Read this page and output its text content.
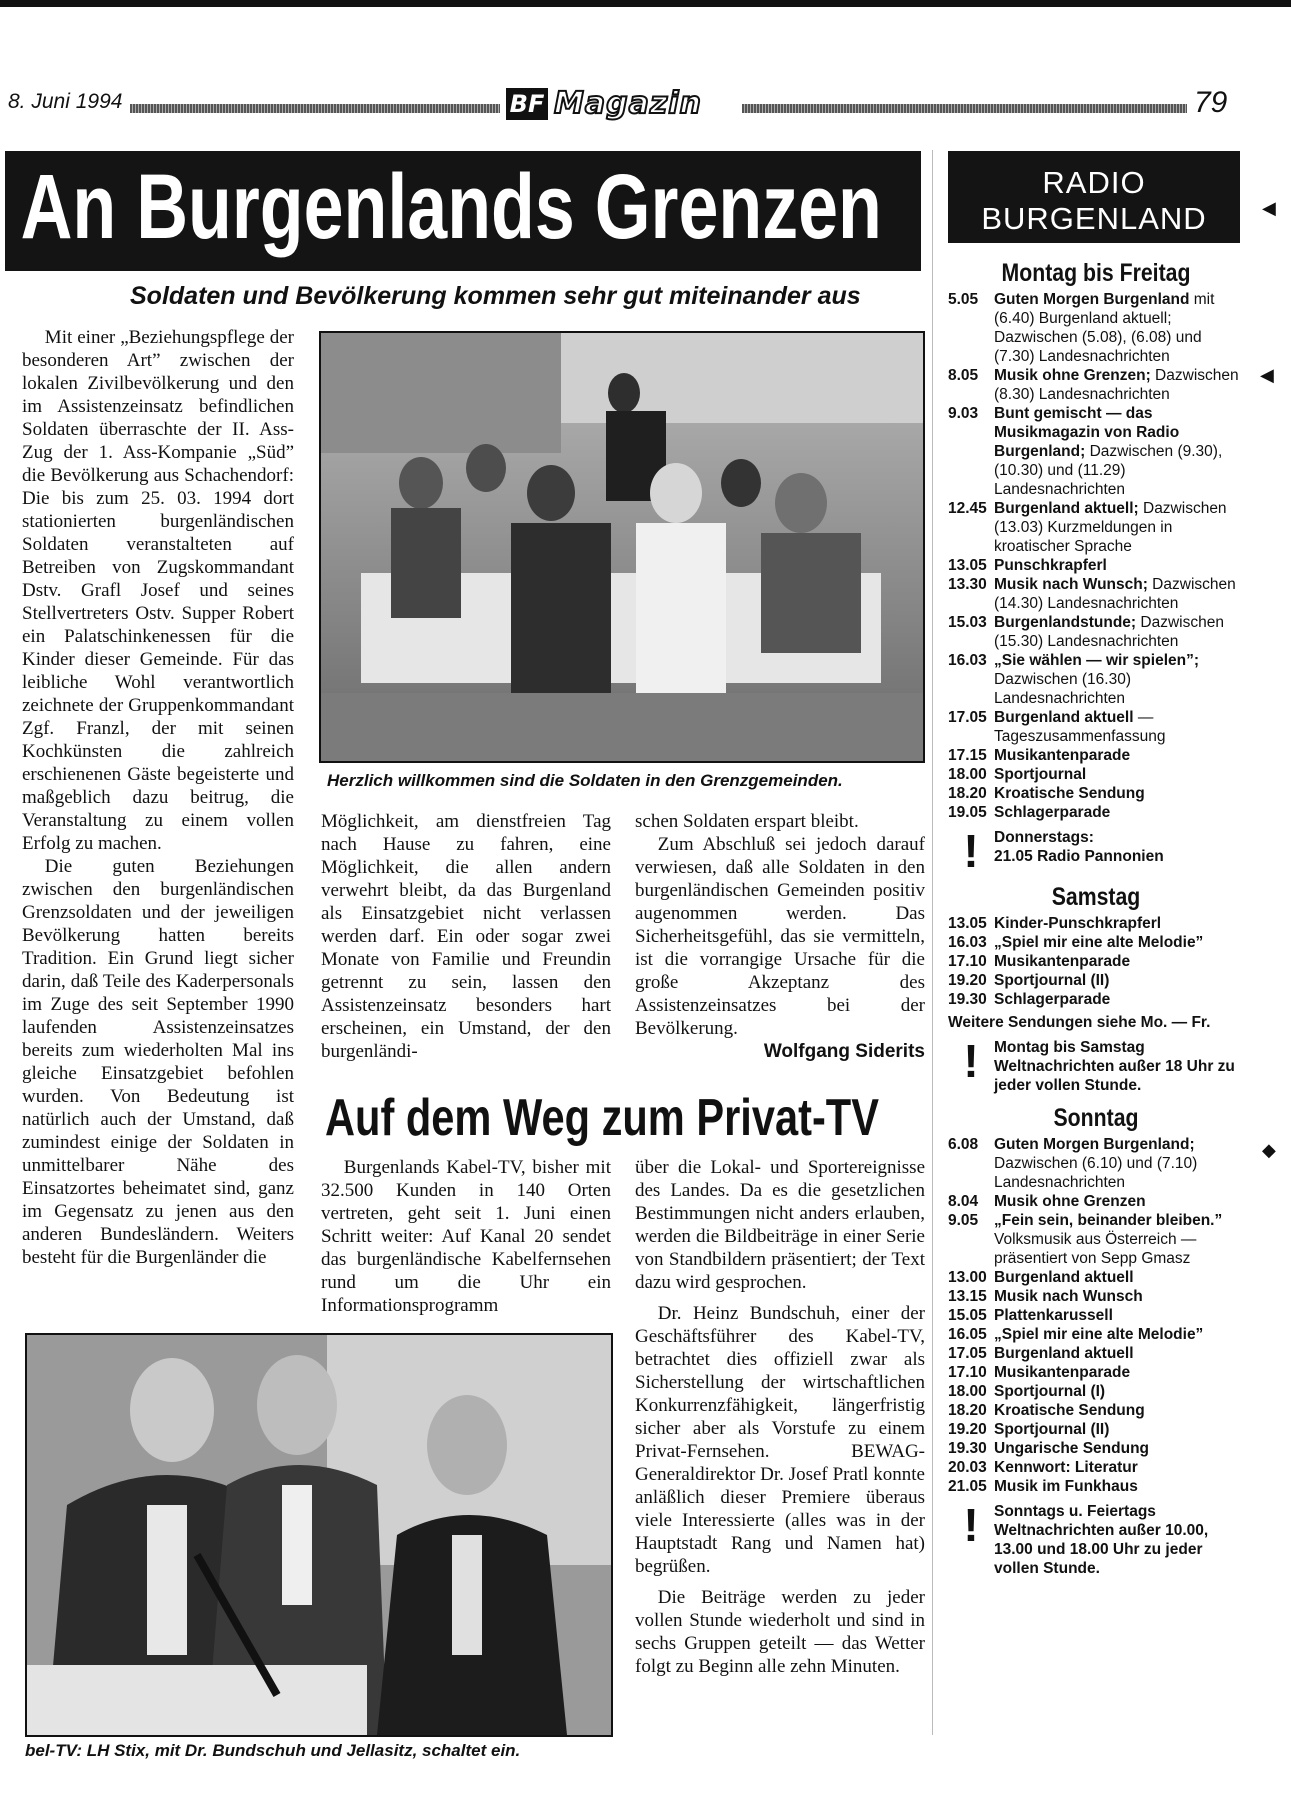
8. Juni 1994	BF Magazin	79
An Burgenlands Grenzen
Soldaten und Bevölkerung kommen sehr gut miteinander aus

Mit einer „Beziehungspflege der besonderen Art” zwischen der lokalen Zivilbevölkerung und den im Assistenzeinsatz befindlichen Soldaten überraschte der II. Ass-Zug der 1. Ass-Kompanie „Süd” die Bevölkerung aus Schachendorf: Die bis zum 25. 03. 1994 dort stationierten burgenländischen Soldaten veranstalteten auf Betreiben von Zugskommandant Dstv. Grafl Josef und seines Stellvertreters Ostv. Supper Robert ein Palatschinkenessen für die Kinder dieser Gemeinde. Für das leibliche Wohl verantwortlich zeichnete der Gruppenkommandant Zgf. Franzl, der mit seinen Kochkünsten die zahlreich erschienenen Gäste begeisterte und maßgeblich dazu beitrug, die Veranstaltung zu einem vollen Erfolg zu machen.

Die guten Beziehungen zwischen den burgenländischen Grenzsoldaten und der jeweiligen Bevölkerung hatten bereits Tradition. Ein Grund liegt sicher darin, daß Teile des Kaderpersonals im Zuge des seit September 1990 laufenden Assistenzeinsatzes bereits zum wiederholten Mal ins gleiche Einsatzgebiet befohlen wurden. Von Bedeutung ist natürlich auch der Umstand, daß zumindest einige der Soldaten in unmittelbarer Nähe des Einsatzortes beheimatet sind, ganz im Gegensatz zu jenen aus den anderen Bundesländern. Weiters besteht für die Burgenländer die

Herzlich willkommen sind die Soldaten in den Grenzgemeinden.

Möglichkeit, am dienstfreien Tag nach Hause zu fahren, eine Möglichkeit, die allen andern verwehrt bleibt, da das Burgenland als Einsatzgebiet nicht verlassen werden darf. Ein oder sogar zwei Monate von Familie und Freundin getrennt zu sein, lassen den Assistenzeinsatz besonders hart erscheinen, ein Umstand, der den burgenländi-

schen Soldaten erspart bleibt.

Zum Abschluß sei jedoch darauf verwiesen, daß alle Soldaten in den burgenländischen Gemeinden positiv augenommen werden. Das Sicherheitsgefühl, das sie vermitteln, ist die vorrangige Ursache für die große Akzeptanz des Assistenzeinsatzes bei der Bevölkerung.

Wolfgang Siderits

Auf dem Weg zum Privat-TV

Burgenlands Kabel-TV, bisher mit 32.500 Kunden in 140 Orten vertreten, geht seit 1. Juni einen Schritt weiter: Auf Kanal 20 sendet das burgenländische Kabelfernsehen rund um die Uhr ein Informationsprogramm

über die Lokal- und Sportereignisse des Landes. Da es die gesetzlichen Bestimmungen nicht anders erlauben, werden die Bildbeiträge in einer Serie von Standbildern präsentiert; der Text dazu wird gesprochen.

Dr. Heinz Bundschuh, einer der Geschäftsführer des Kabel-TV, betrachtet dies offiziell zwar als Sicherstellung der wirtschaftlichen Konkurrenzfähigkeit, längerfristig sicher aber als Vorstufe zu einem Privat-Fernsehen. BEWAG-Generaldirektor Dr. Josef Pratl konnte anläßlich dieser Premiere überaus viele Interessierte (alles was in der Hauptstadt Rang und Namen hat) begrüßen.

Die Beiträge werden zu jeder vollen Stunde wiederholt und sind in sechs Gruppen geteilt — das Wetter folgt zu Beginn alle zehn Minuten.

bel-TV: LH Stix, mit Dr. Bundschuh und Jellasitz, schaltet ein.
RADIO
BURGENLAND
Montag bis Freitag
5.05	Guten Morgen Burgenland mit (6.40) Burgenland aktuell; Dazwischen (5.08), (6.08) und (7.30) Landesnachrichten
8.05	Musik ohne Grenzen; Dazwischen (8.30) Landesnachrichten
9.03	Bunt gemischt — das Musikmagazin von Radio Burgenland; Dazwischen (9.30), (10.30) und (11.29) Landesnachrichten
12.45 Burgenland aktuell; Dazwischen (13.03) Kurzmeldungen in kroatischer Sprache
13.05 Punschkrapferl
13.30 Musik nach Wunsch; Dazwischen (14.30) Landesnachrichten
15.03 Burgenlandstunde; Dazwischen (15.30) Landesnachrichten
16.03 „Sie wählen — wir spielen”; Dazwischen (16.30) Landesnachrichten
17.05 Burgenland aktuell — Tageszusammenfassung
17.15 Musikantenparade
18.00 Sportjournal
18.20 Kroatische Sendung
19.05 Schlagerparade
! Donnerstags:
21.05 Radio Pannonien
Samstag
13.05 Kinder-Punschkrapferl
16.03 „Spiel mir eine alte Melodie”
17.10 Musikantenparade
19.20 Sportjournal (II)
19.30 Schlagerparade
Weitere Sendungen siehe Mo. — Fr.
! Montag bis Samstag
Weltnachrichten außer 18 Uhr zu jeder vollen Stunde.
Sonntag
6.08	Guten Morgen Burgenland; Dazwischen (6.10) und (7.10) Landesnachrichten
8.04	Musik ohne Grenzen
9.05	„Fein sein, beinander bleiben.” Volksmusik aus Österreich — präsentiert von Sepp Gmasz
13.00 Burgenland aktuell
13.15 Musik nach Wunsch
15.05 Plattenkarussell
16.05 „Spiel mir eine alte Melodie”
17.05 Burgenland aktuell
17.10 Musikantenparade
18.00 Sportjournal (I)
18.20 Kroatische Sendung
19.20 Sportjournal (II)
19.30 Ungarische Sendung
20.03 Kennwort: Literatur
21.05 Musik im Funkhaus
! Sonntags u. Feiertags
Weltnachrichten außer 10.00, 13.00 und 18.00 Uhr zu jeder vollen Stunde.
◀
◀
◆
